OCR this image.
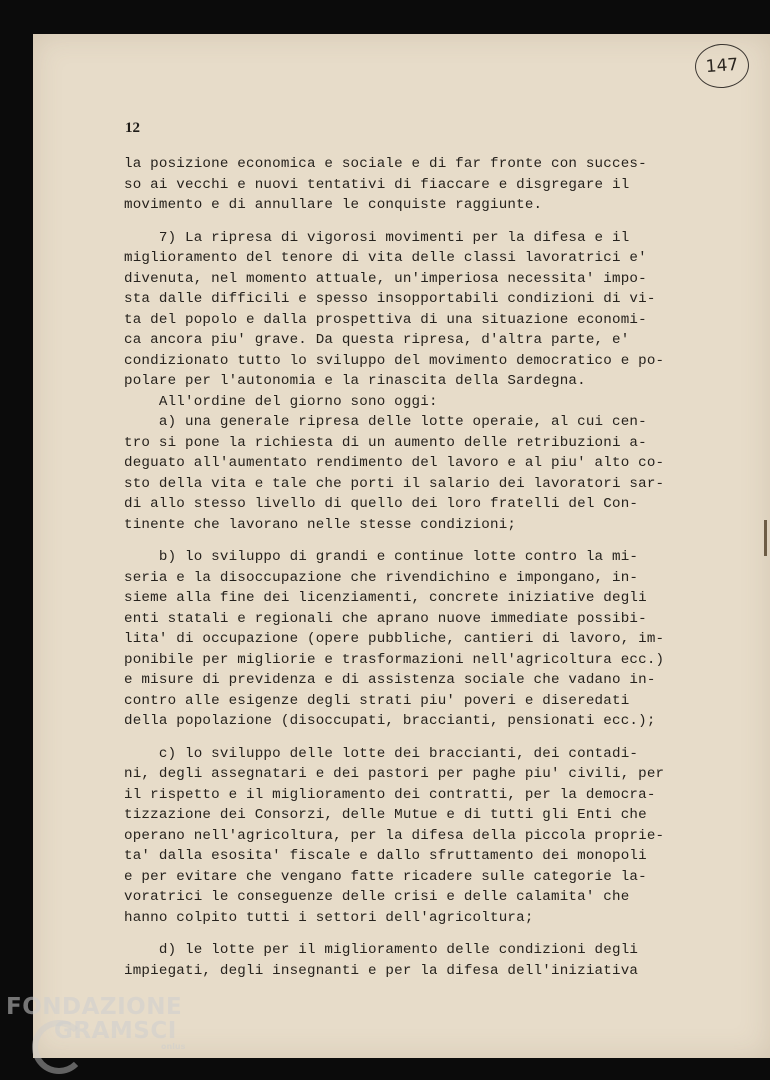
147
12
la posizione economica e sociale e di far fronte con succes-
so ai vecchi e nuovi tentativi di fiaccare e disgregare il
movimento e di annullare le conquiste raggiunte.
7) La ripresa di vigorosi movimenti per la difesa e il
miglioramento del tenore di vita delle classi lavoratrici e'
divenuta, nel momento attuale, un'imperiosa necessita' impo-
sta dalle difficili e spesso insopportabili condizioni di vi-
ta del popolo e dalla prospettiva di una situazione economi-
ca ancora piu' grave. Da questa ripresa, d'altra parte, e'
condizionato tutto lo sviluppo del movimento democratico e po-
polare per l'autonomia e la rinascita della Sardegna.
All'ordine del giorno sono oggi:
a) una generale ripresa delle lotte operaie, al cui cen-
tro si pone la richiesta di un aumento delle retribuzioni a-
deguato all'aumentato rendimento del lavoro e al piu' alto co-
sto della vita e tale che porti il salario dei lavoratori sar-
di allo stesso livello di quello dei loro fratelli del Con-
tinente che lavorano nelle stesse condizioni;
b) lo sviluppo di grandi e continue lotte contro la mi-
seria e la disoccupazione che rivendichino e impongano, in-
sieme alla fine dei licenziamenti, concrete iniziative degli
enti statali e regionali che aprano nuove immediate possibi-
lita' di occupazione (opere pubbliche, cantieri di lavoro, im-
ponibile per migliorie e trasformazioni nell'agricoltura ecc.)
e misure di previdenza e di assistenza sociale che vadano in-
contro alle esigenze degli strati piu' poveri e diseredati
della popolazione (disoccupati, braccianti, pensionati ecc.);
c) lo sviluppo delle lotte dei braccianti, dei contadi-
ni, degli assegnatari e dei pastori per paghe piu' civili, per
il rispetto e il miglioramento dei contratti, per la democra-
tizzazione dei Consorzi, delle Mutue e di tutti gli Enti che
operano nell'agricoltura, per la difesa della piccola proprie-
ta' dalla esosita' fiscale e dallo sfruttamento dei monopoli
e per evitare che vengano fatte ricadere sulle categorie la-
voratrici le conseguenze delle crisi e delle calamita' che
hanno colpito tutti i settori dell'agricoltura;
d) le lotte per il miglioramento delle condizioni degli
impiegati, degli insegnanti e per la difesa dell'iniziativa
FONDAZIONE
GRAMSCI
onlus
